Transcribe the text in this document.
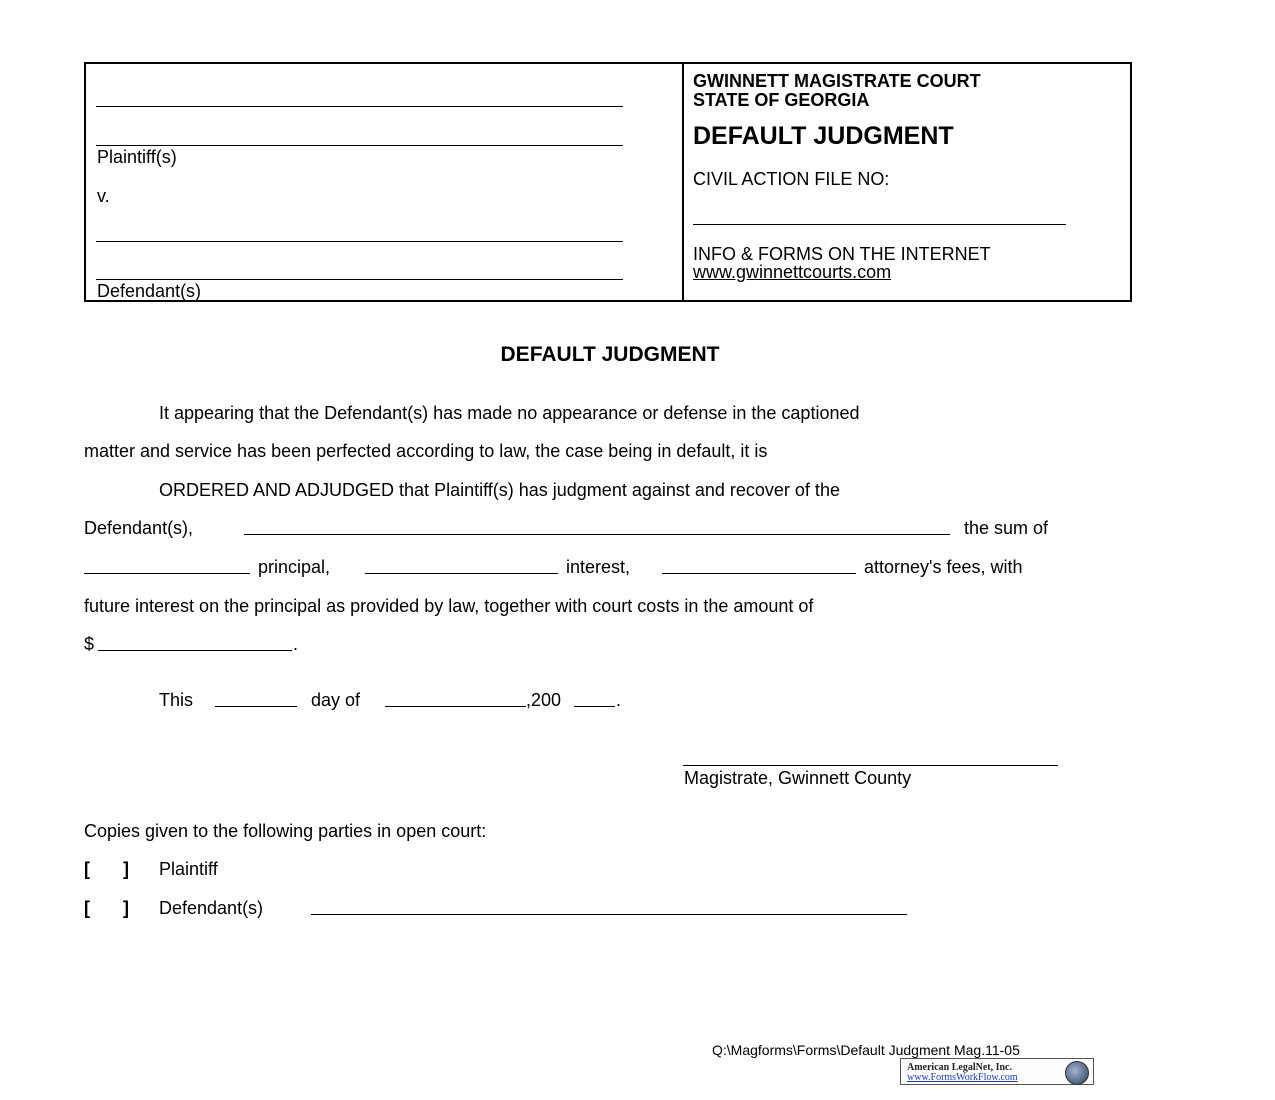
Plaintiff(s)
v.
Defendant(s)
GWINNETT MAGISTRATE COURT
STATE OF GEORGIA
DEFAULT JUDGMENT
CIVIL ACTION FILE NO:
INFO & FORMS ON THE INTERNET
www.gwinnettcourts.com
DEFAULT JUDGMENT
It appearing that the Defendant(s) has made no appearance or defense in the captioned
matter and service has been perfected according to law, the case being in default, it is
ORDERED AND ADJUDGED that Plaintiff(s) has judgment against and recover of the
Defendant(s),	the sum of
principal,	interest,	attorney's fees, with
future interest on the principal as provided by law, together with court costs in the amount of
$	.
This	day of	,200	.
Magistrate, Gwinnett County
Copies given to the following parties in open court:
[ ] Plaintiff
[ ] Defendant(s)
Q:\Magforms\Forms\Default Judgment Mag.11-05
American LegalNet, Inc.
www.FormsWorkFlow.com
